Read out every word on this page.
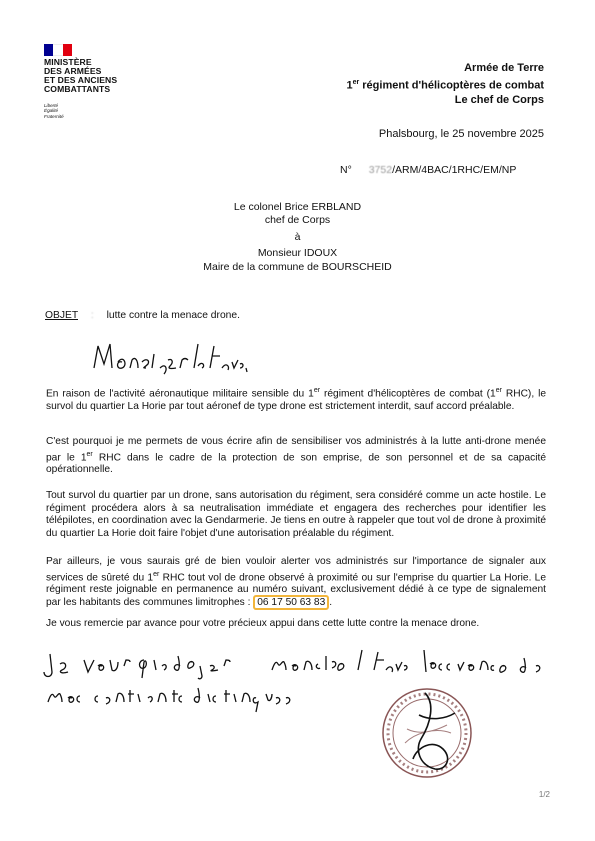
MINISTÈRE
DES ARMÉES
ET DES ANCIENS
COMBATTANTS
Liberté
Égalité
Fraternité
Armée de Terre
1er régiment d'hélicoptères de combat
Le chef de Corps
Phalsbourg, le 25 novembre 2025
N° 3752/ARM/4BAC/1RHC/EM/NP
Le colonel Brice ERBLAND
chef de Corps
à
Monsieur IDOUX
Maire de la commune de BOURSCHEID
OBJET : lutte contre la menace drone.
Monsieur le Maire,
En raison de l'activité aéronautique militaire sensible du 1er régiment d'hélicoptères de combat (1er RHC), le survol du quartier La Horie par tout aéronef de type drone est strictement interdit, sauf accord préalable.
C'est pourquoi je me permets de vous écrire afin de sensibiliser vos administrés à la lutte anti-drone menée par le 1er RHC dans le cadre de la protection de son emprise, de son personnel et de sa capacité opérationnelle.
Tout survol du quartier par un drone, sans autorisation du régiment, sera considéré comme un acte hostile. Le régiment procédera alors à sa neutralisation immédiate et engagera des recherches pour identifier les télépilotes, en coordination avec la Gendarmerie. Je tiens en outre à rappeler que tout vol de drone à proximité du quartier La Horie doit faire l'objet d'une autorisation préalable du régiment.
Par ailleurs, je vous saurais gré de bien vouloir alerter vos administrés sur l'importance de signaler aux services de sûreté du 1er RHC tout vol de drone observé à proximité ou sur l'emprise du quartier La Horie. Le régiment reste joignable en permanence au numéro suivant, exclusivement dédié à ce type de signalement par les habitants des communes limitrophes : 06 17 50 63 83 .
Je vous remercie par avance pour votre précieux appui dans cette lutte contre la menace drone.
Je vous prie d'agréer, monsieur le Maire, l'assurance de
mes sentiments distinguée.
1/2
